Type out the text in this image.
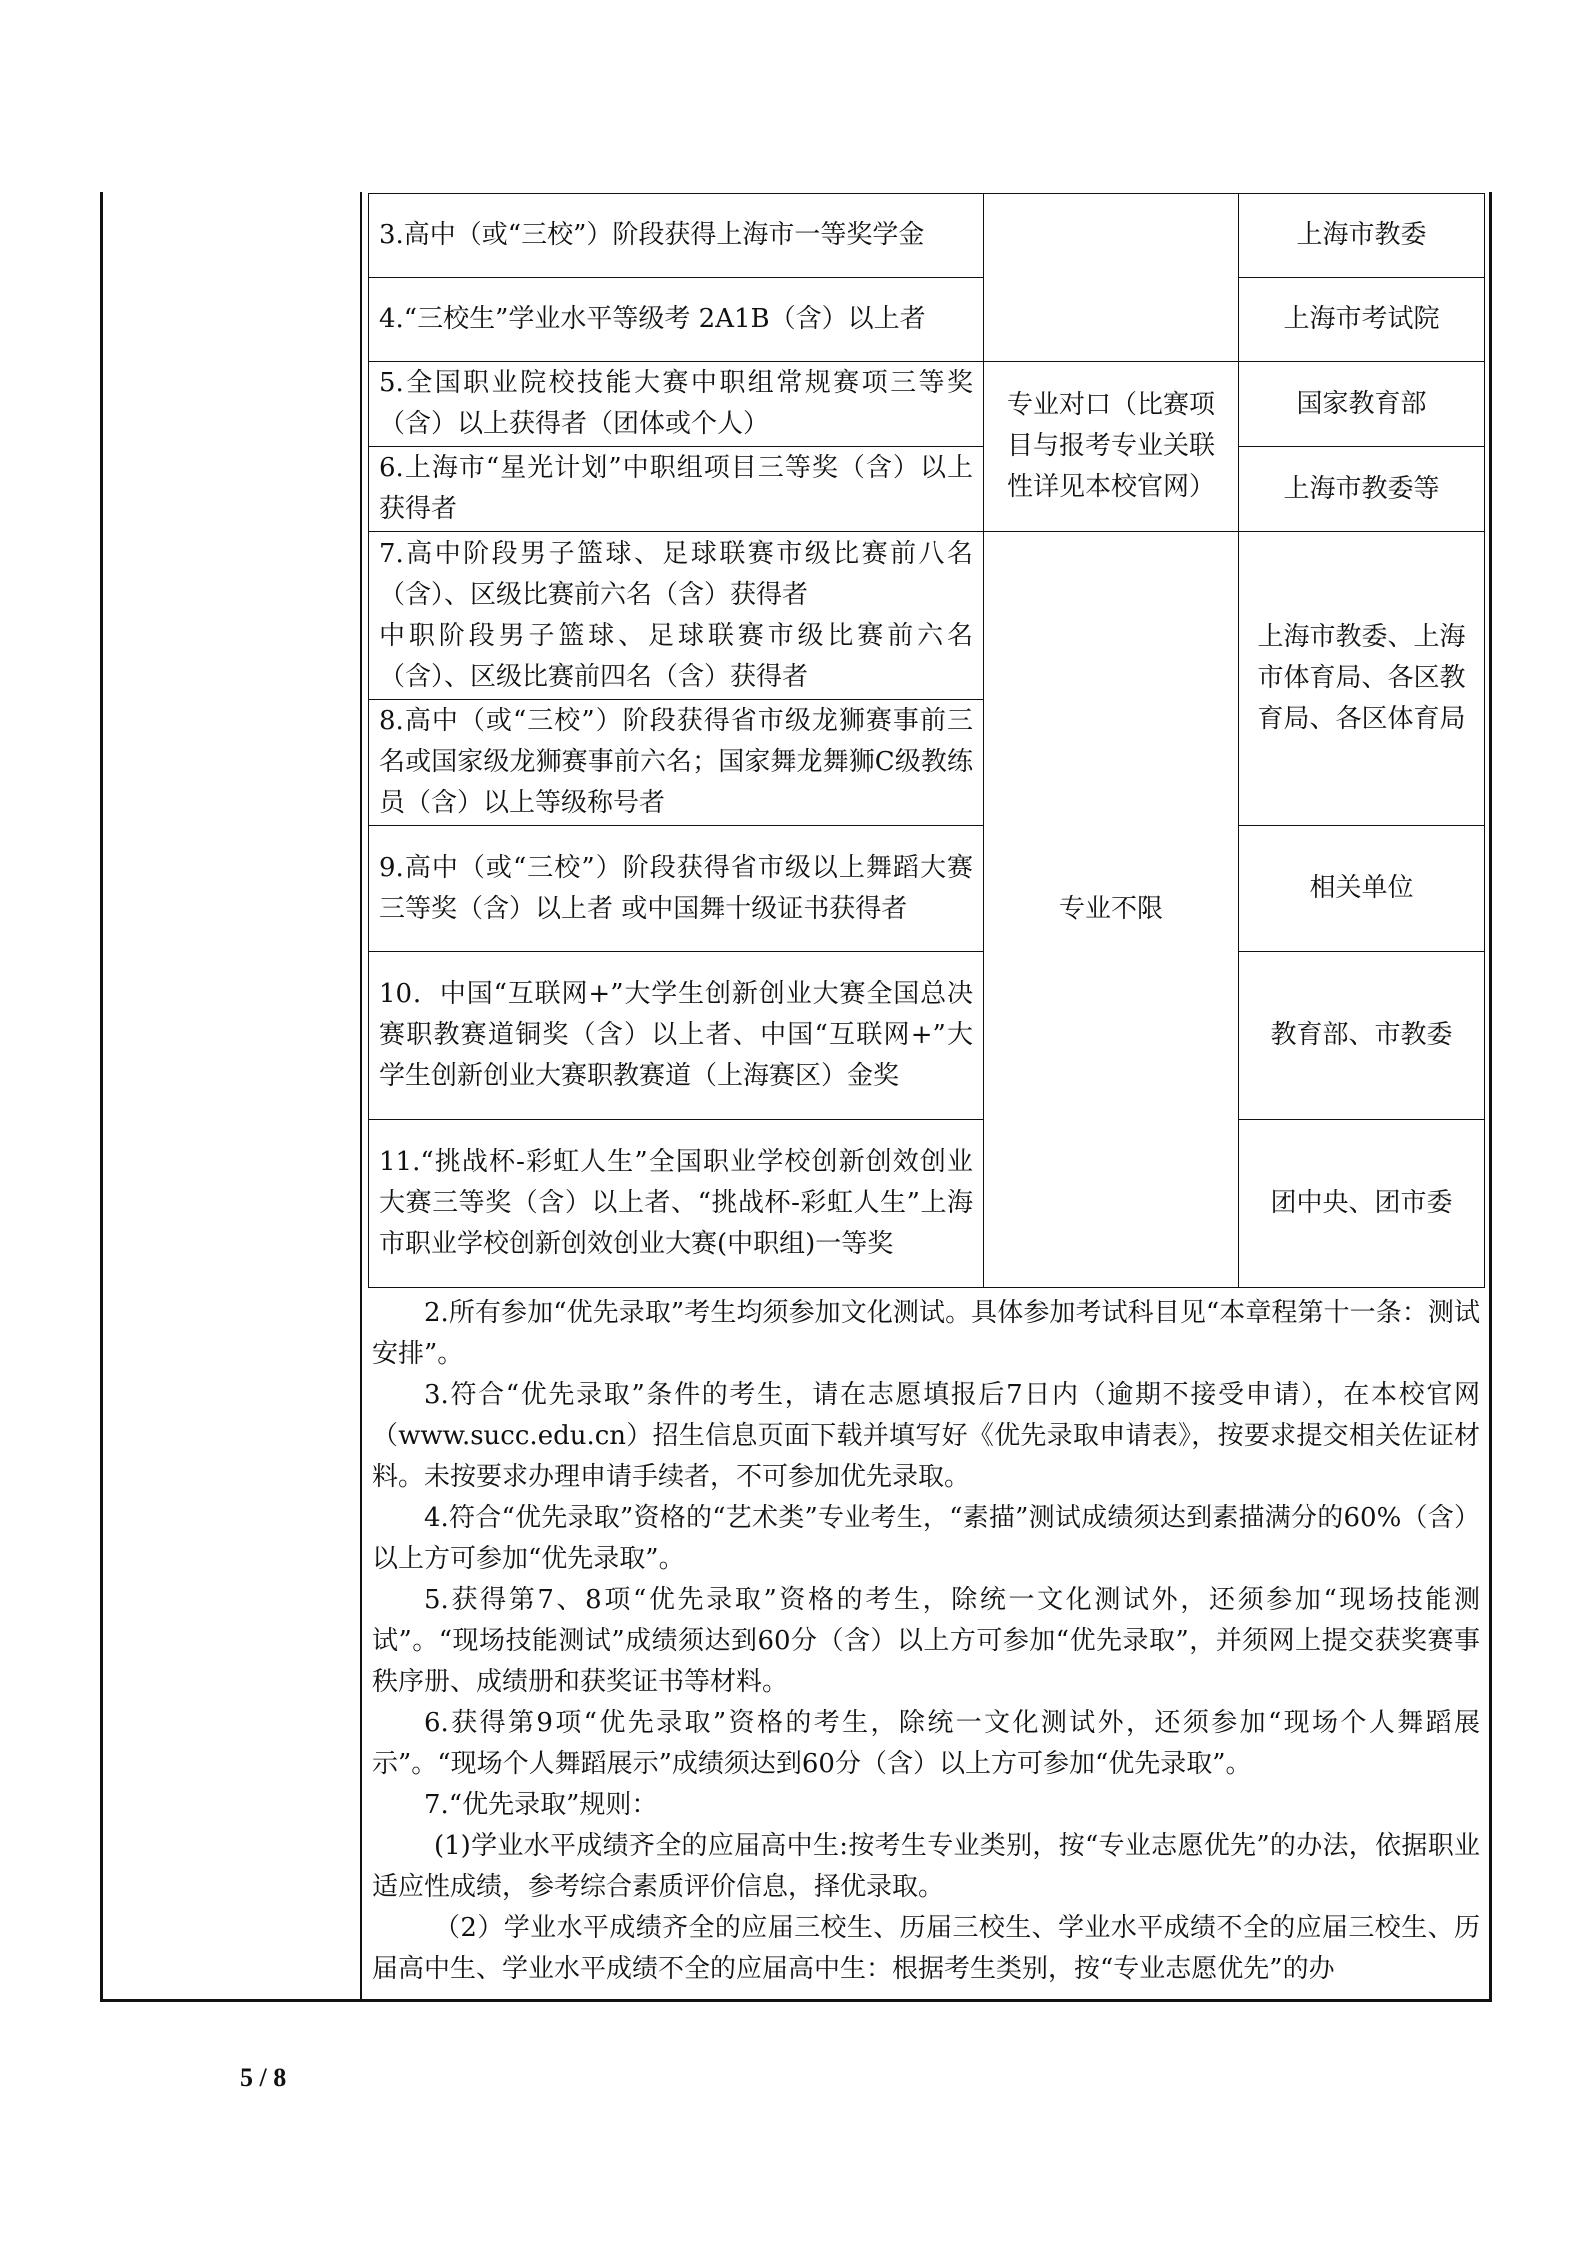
3.高中（或“三校”）阶段获得上海市一等奖学金		上海市教委
4.“三校生”学业水平等级考 2A1B（含）以上者		上海市考试院
5.全国职业院校技能大赛中职组常规赛项三等奖（含）以上获得者（团体或个人）	专业对口（比赛项目与报考专业关联性详见本校官网）	国家教育部
6.上海市“星光计划”中职组项目三等奖（含）以上获得者		上海市教委等

7.高中阶段男子篮球、足球联赛市级比赛前八名（含）、区级比赛前六名（含）获得者
中职阶段男子篮球、足球联赛市级比赛前六名（含）、区级比赛前四名（含）获得者	专业不限	上海市教委、上海市体育局、各区教育局、各区体育局
8.高中（或“三校”）阶段获得省市级龙狮赛事前三名或国家级龙狮赛事前六名；国家舞龙舞狮C级教练员（含）以上等级称号者		
9.高中（或“三校”）阶段获得省市级以上舞蹈大赛三等奖（含）以上者 或中国舞十级证书获得者		相关单位
10．中国“互联网+”大学生创新创业大赛全国总决赛职教赛道铜奖（含）以上者、中国“互联网+”大学生创新创业大赛职教赛道（上海赛区）金奖		教育部、市教委
11.“挑战杯-彩虹人生”全国职业学校创新创效创业大赛三等奖（含）以上者、“挑战杯-彩虹人生”上海市职业学校创新创效创业大赛(中职组)一等奖		团中央、团市委

2.所有参加“优先录取”考生均须参加文化测试。具体参加考试科目见“本章程第十一条：测试安排”。

3.符合“优先录取”条件的考生，请在志愿填报后7日内（逾期不接受申请），在本校官网（www.succ.edu.cn）招生信息页面下载并填写好《优先录取申请表》，按要求提交相关佐证材料。未按要求办理申请手续者，不可参加优先录取。

4.符合“优先录取”资格的“艺术类”专业考生，“素描”测试成绩须达到素描满分的60%（含）以上方可参加“优先录取”。

5.获得第7、8项“优先录取”资格的考生，除统一文化测试外，还须参加“现场技能测试”。“现场技能测试”成绩须达到60分（含）以上方可参加“优先录取”，并须网上提交获奖赛事秩序册、成绩册和获奖证书等材料。

6.获得第9项“优先录取”资格的考生，除统一文化测试外，还须参加“现场个人舞蹈展示”。“现场个人舞蹈展示”成绩须达到60分（含）以上方可参加“优先录取”。

7.“优先录取”规则：

(1)学业水平成绩齐全的应届高中生:按考生专业类别，按“专业志愿优先”的办法，依据职业适应性成绩，参考综合素质评价信息，择优录取。

（2）学业水平成绩齐全的应届三校生、历届三校生、学业水平成绩不全的应届三校生、历届高中生、学业水平成绩不全的应届高中生：根据考生类别，按“专业志愿优先”的办

5 / 8
